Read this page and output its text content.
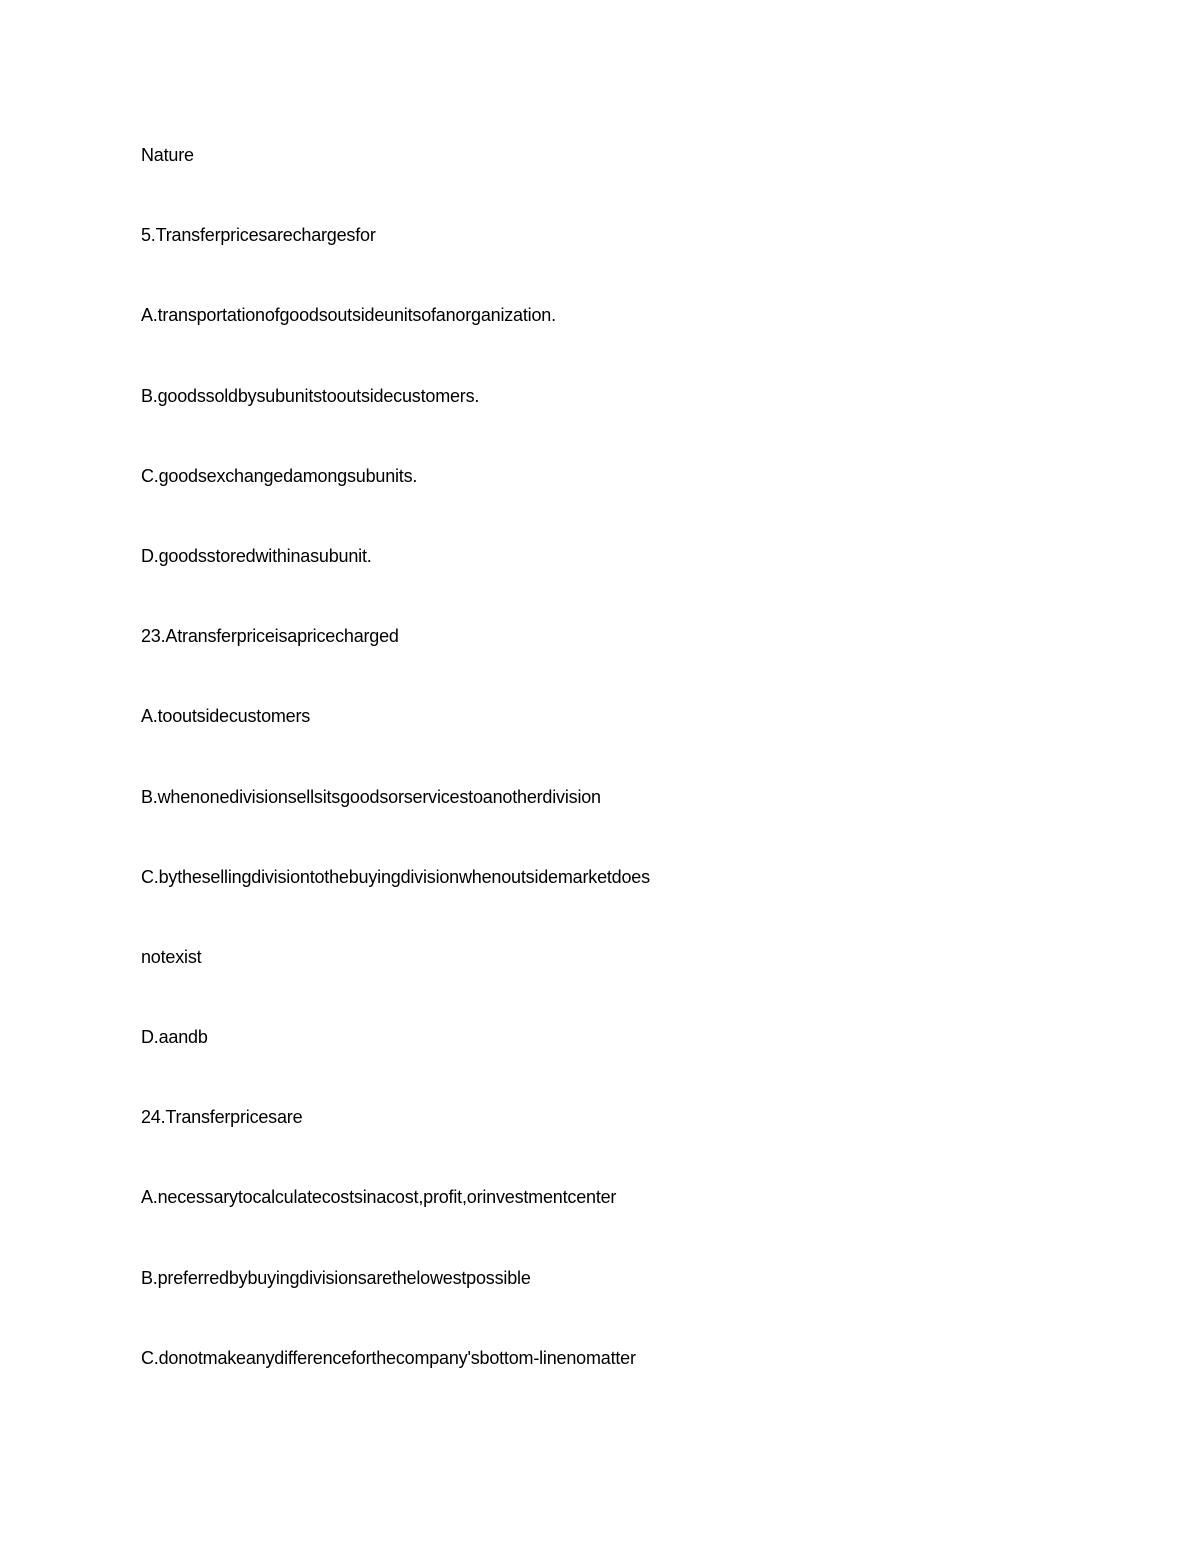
Nature
5.Transferpricesarechargesfor
A.transportationofgoodsoutsideunitsofanorganization.
B.goodssoldbysubunitstooutsidecustomers.
C.goodsexchangedamongsubunits.
D.goodsstoredwithinasubunit.
23.Atransferpriceisapricecharged
A.tooutsidecustomers
B.whenonedivisionsellsitsgoodsorservicestoanotherdivision
C.bythesellingdivisiontothebuyingdivisionwhenoutsidemarketdoes
notexist
D.aandb
24.Transferpricesare
A.necessarytocalculatecostsinacost,profit,orinvestmentcenter
B.preferredbybuyingdivisionsarethelowestpossible
C.donotmakeanydifferenceforthecompany'sbottom-linenomatter
